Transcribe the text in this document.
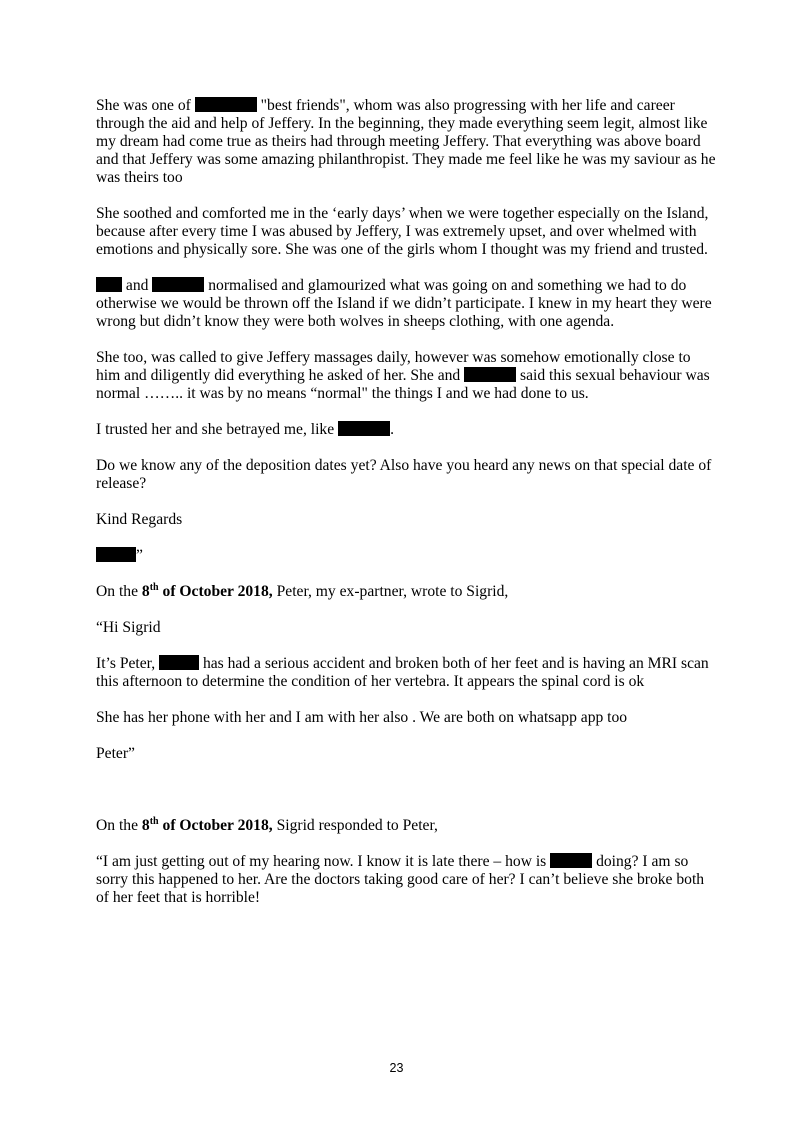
She was one of	"best friends", whom was also progressing with her life and career through the aid and help of Jeffery. In the beginning, they made everything seem legit, almost like my dream had come true as theirs had through meeting Jeffery. That everything was above board and that Jeffery was some amazing philanthropist. They made me feel like he was my saviour as he was theirs too

She soothed and comforted me in the ‘early days’ when we were together especially on the Island, because after every time I was abused by Jeffery, I was extremely upset, and over whelmed with emotions and physically sore. She was one of the girls whom I thought was my friend and trusted.

and	normalised and glamourized what was going on and something we had to do otherwise we would be thrown off the Island if we didn’t participate. I knew in my heart they were wrong but didn’t know they were both wolves in sheeps clothing, with one agenda.

She too, was called to give Jeffery massages daily, however was somehow emotionally close to him and diligently did everything he asked of her. She and	said this sexual behaviour was normal …….. it was by no means “normal" the things I and we had done to us.

I trusted her and she betrayed me, like	.

Do we know any of the deposition dates yet? Also have you heard any news on that special date of release?

Kind Regards

”

On the 8th of October 2018, Peter, my ex-partner, wrote to Sigrid,

“Hi Sigrid

It’s Peter,	has had a serious accident and broken both of her feet and is having an MRI scan this afternoon to determine the condition of her vertebra. It appears the spinal cord is ok

She has her phone with her and I am with her also . We are both on whatsapp app too

Peter”

On the 8th of October 2018, Sigrid responded to Peter,

“I am just getting out of my hearing now. I know it is late there – how is	doing? I am so sorry this happened to her. Are the doctors taking good care of her? I can’t believe she broke both of her feet that is horrible!

23
